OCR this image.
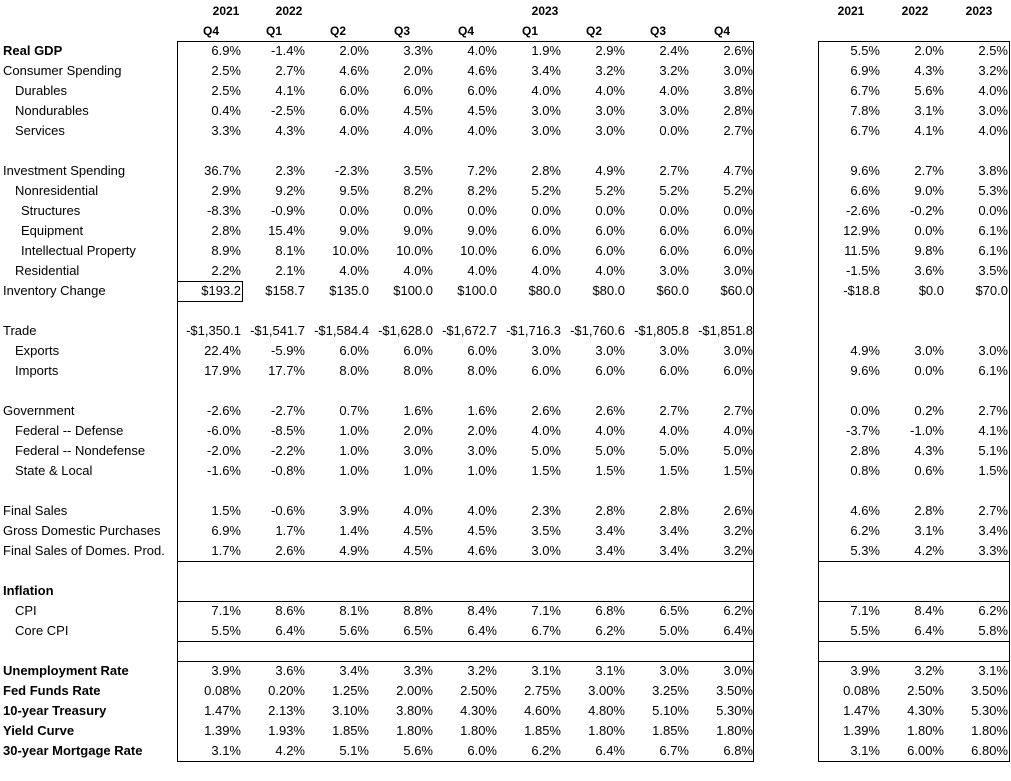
2021	2022	2023
Q4	Q1	Q2	Q3	Q4	Q1	Q2	Q3	Q4
2021	2022	2023
Real GDP	6.9%	-1.4%	2.0%	3.3%	4.0%	1.9%	2.9%	2.4%	2.6%	5.5%	2.0%	2.5%
Consumer Spending	2.5%	2.7%	4.6%	2.0%	4.6%	3.4%	3.2%	3.2%	3.0%	6.9%	4.3%	3.2%
Durables	2.5%	4.1%	6.0%	6.0%	6.0%	4.0%	4.0%	4.0%	3.8%	6.7%	5.6%	4.0%
Nondurables	0.4%	-2.5%	6.0%	4.5%	4.5%	3.0%	3.0%	3.0%	2.8%	7.8%	3.1%	3.0%
Services	3.3%	4.3%	4.0%	4.0%	4.0%	3.0%	3.0%	0.0%	2.7%	6.7%	4.1%	4.0%
Investment Spending	36.7%	2.3%	-2.3%	3.5%	7.2%	2.8%	4.9%	2.7%	4.7%	9.6%	2.7%	3.8%
Nonresidential	2.9%	9.2%	9.5%	8.2%	8.2%	5.2%	5.2%	5.2%	5.2%	6.6%	9.0%	5.3%
Structures	-8.3%	-0.9%	0.0%	0.0%	0.0%	0.0%	0.0%	0.0%	0.0%	-2.6%	-0.2%	0.0%
Equipment	2.8%	15.4%	9.0%	9.0%	9.0%	6.0%	6.0%	6.0%	6.0%	12.9%	0.0%	6.1%
Intellectual Property	8.9%	8.1%	10.0%	10.0%	10.0%	6.0%	6.0%	6.0%	6.0%	11.5%	9.8%	6.1%
Residential	2.2%	2.1%	4.0%	4.0%	4.0%	4.0%	4.0%	3.0%	3.0%	-1.5%	3.6%	3.5%
Inventory Change	$193.2	$158.7	$135.0	$100.0	$100.0	$80.0	$80.0	$60.0	$60.0	-$18.8	$0.0	$70.0
Trade	-$1,350.1 -$1,541.7 -$1,584.4 -$1,628.0 -$1,672.7 -$1,716.3 -$1,760.6 -$1,805.8 -$1,851.8
Exports	22.4%	-5.9%	6.0%	6.0%	6.0%	3.0%	3.0%	3.0%	3.0%	4.9%	3.0%	3.0%
Imports	17.9%	17.7%	8.0%	8.0%	8.0%	6.0%	6.0%	6.0%	6.0%	9.6%	0.0%	6.1%
Government	-2.6%	-2.7%	0.7%	1.6%	1.6%	2.6%	2.6%	2.7%	2.7%	0.0%	0.2%	2.7%
Federal -- Defense	-6.0%	-8.5%	1.0%	2.0%	2.0%	4.0%	4.0%	4.0%	4.0%	-3.7%	-1.0%	4.1%
Federal -- Nondefense	-2.0%	-2.2%	1.0%	3.0%	3.0%	5.0%	5.0%	5.0%	5.0%	2.8%	4.3%	5.1%
State & Local	-1.6%	-0.8%	1.0%	1.0%	1.0%	1.5%	1.5%	1.5%	1.5%	0.8%	0.6%	1.5%
Final Sales	1.5%	-0.6%	3.9%	4.0%	4.0%	2.3%	2.8%	2.8%	2.6%	4.6%	2.8%	2.7%
Gross Domestic Purchases	6.9%	1.7%	1.4%	4.5%	4.5%	3.5%	3.4%	3.4%	3.2%	6.2%	3.1%	3.4%
Final Sales of Domes. Prod.	1.7%	2.6%	4.9%	4.5%	4.6%	3.0%	3.4%	3.4%	3.2%	5.3%	4.2%	3.3%
Inflation
CPI	7.1%	8.6%	8.1%	8.8%	8.4%	7.1%	6.8%	6.5%	6.2%	7.1%	8.4%	6.2%
Core CPI	5.5%	6.4%	5.6%	6.5%	6.4%	6.7%	6.2%	5.0%	6.4%	5.5%	6.4%	5.8%
Unemployment Rate	3.9%	3.6%	3.4%	3.3%	3.2%	3.1%	3.1%	3.0%	3.0%	3.9%	3.2%	3.1%
Fed Funds Rate	0.08%	0.20%	1.25%	2.00%	2.50%	2.75%	3.00%	3.25%	3.50%	0.08%	2.50%	3.50%
10-year Treasury	1.47%	2.13%	3.10%	3.80%	4.30%	4.60%	4.80%	5.10%	5.30%	1.47%	4.30%	5.30%
Yield Curve	1.39%	1.93%	1.85%	1.80%	1.80%	1.85%	1.80%	1.85%	1.80%	1.39%	1.80%	1.80%
30-year Mortgage Rate	3.1%	4.2%	5.1%	5.6%	6.0%	6.2%	6.4%	6.7%	6.8%	3.1%	6.00%	6.80%
